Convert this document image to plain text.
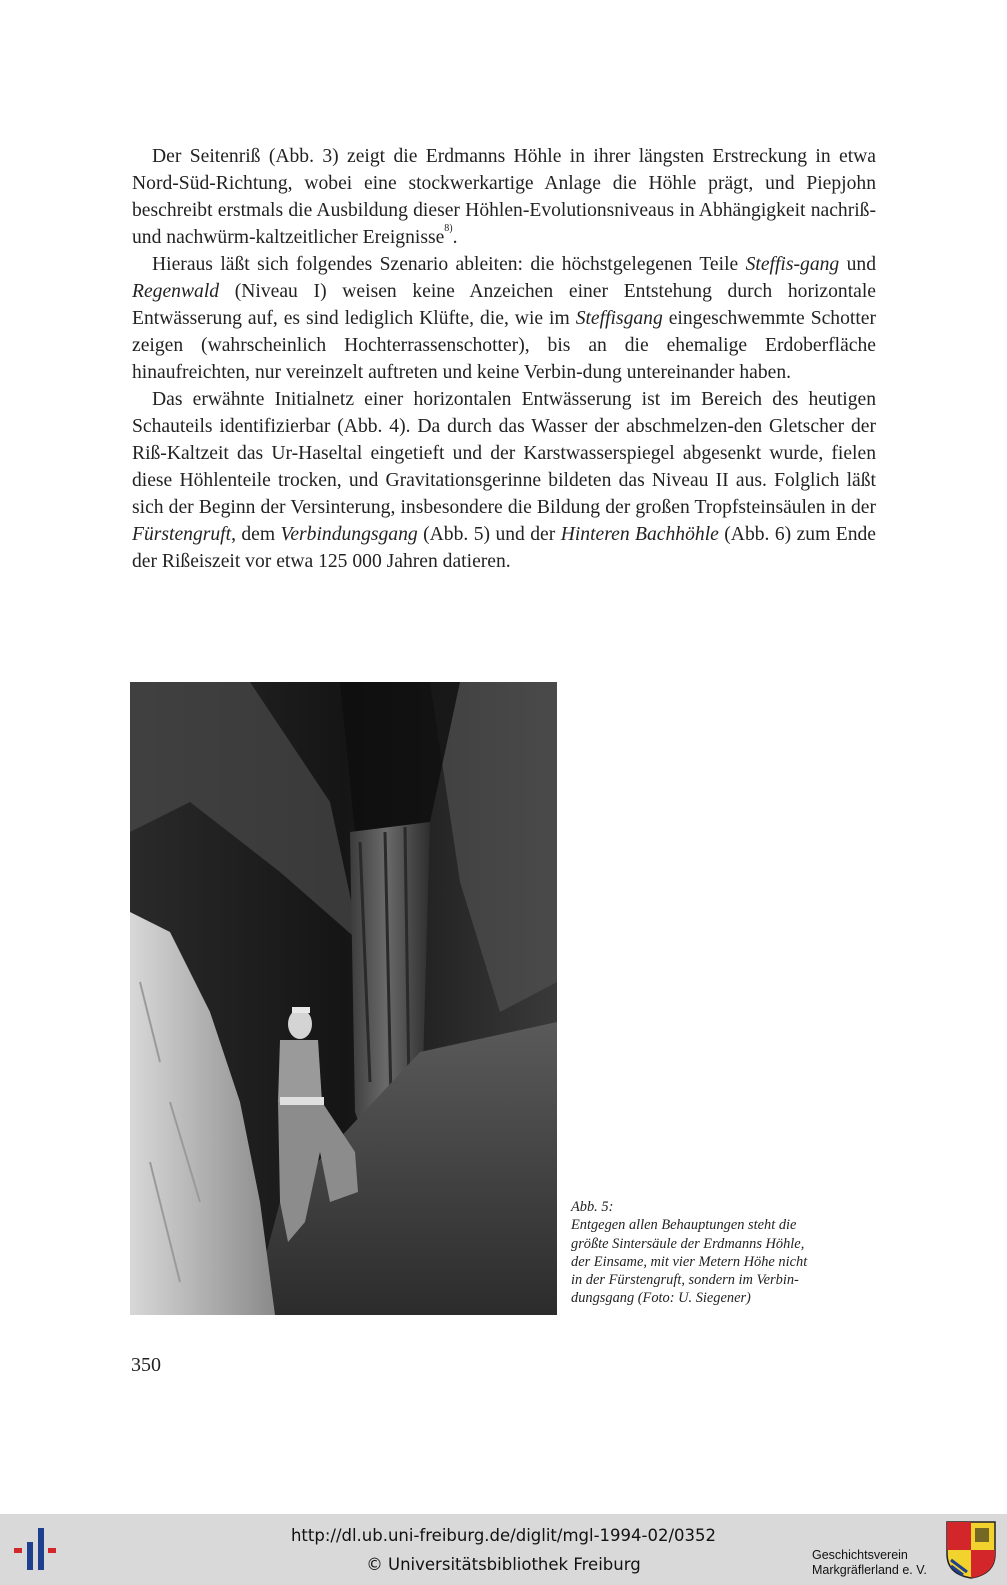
Der Seitenriß (Abb. 3) zeigt die Erdmanns Höhle in ihrer längsten Erstreckung in etwa Nord-Süd-Richtung, wobei eine stockwerkartige Anlage die Höhle prägt, und Piepjohn beschreibt erstmals die Ausbildung dieser Höhlen-Evolutionsniveaus in Abhängigkeit nachriß- und nachwürm-kaltzeitlicher Ereignisse$^{8)}$.

Hieraus läßt sich folgendes Szenario ableiten: die höchstgelegenen Teile Steffis-gang und Regenwald (Niveau I) weisen keine Anzeichen einer Entstehung durch horizontale Entwässerung auf, es sind lediglich Klüfte, die, wie im Steffisgang eingeschwemmte Schotter zeigen (wahrscheinlich Hochterrassenschotter), bis an die ehemalige Erdoberfläche hinaufreichten, nur vereinzelt auftreten und keine Verbin-dung untereinander haben.

Das erwähnte Initialnetz einer horizontalen Entwässerung ist im Bereich des heutigen Schauteils identifizierbar (Abb. 4). Da durch das Wasser der abschmelzen-den Gletscher der Riß-Kaltzeit das Ur-Haseltal eingetieft und der Karstwasserspiegel abgesenkt wurde, fielen diese Höhlenteile trocken, und Gravitationsgerinne bildeten das Niveau II aus. Folglich läßt sich der Beginn der Versinterung, insbesondere die Bildung der großen Tropfsteinsäulen in der Fürstengruft, dem Verbindungsgang (Abb. 5) und der Hinteren Bachhöhle (Abb. 6) zum Ende der Rißeiszeit vor etwa 125 000 Jahren datieren.

Abb. 5:
Entgegen allen Behauptungen steht die
größte Sintersäule der Erdmanns Höhle,
der Einsame, mit vier Metern Höhe nicht
in der Fürstengruft, sondern im Verbin-
dungsgang (Foto: U. Siegener)
350
http://dl.ub.uni-freiburg.de/diglit/mgl-1994-02/0352
© Universitätsbibliothek Freiburg	Geschichtsverein
Markgräflerland e. V.
